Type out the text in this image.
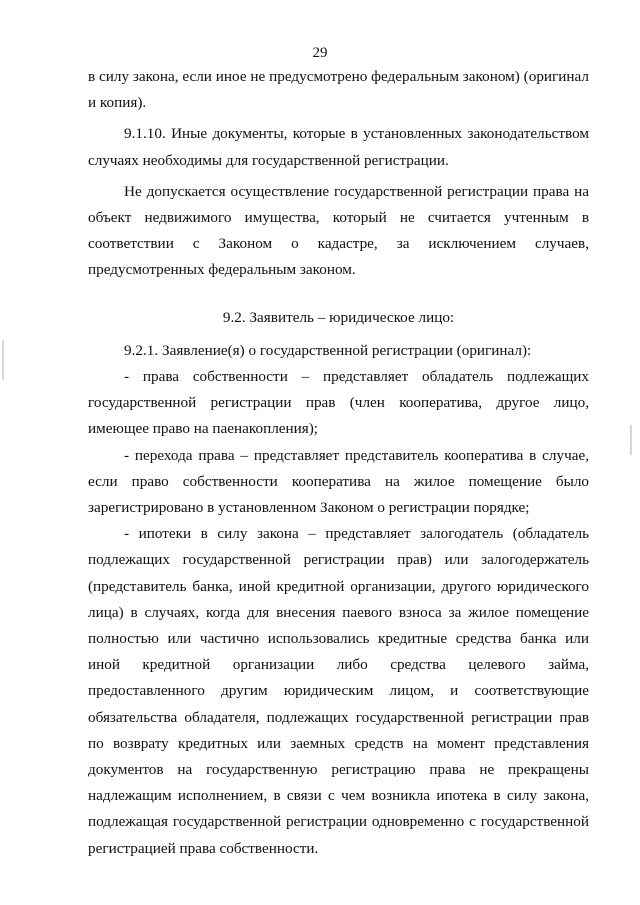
29

в силу закона, если иное не предусмотрено федеральным законом) (оригинал и копия).

9.1.10. Иные документы, которые в установленных законодательством случаях необходимы для государственной регистрации.

Не допускается осуществление государственной регистрации права на объект недвижимого имущества, который не считается учтенным в соответствии с Законом о кадастре, за исключением случаев, предусмотренных федеральным законом.

9.2. Заявитель – юридическое лицо:

9.2.1. Заявление(я) о государственной регистрации (оригинал):

- права собственности – представляет обладатель подлежащих государственной регистрации прав (член кооператива, другое лицо, имеющее право на паенакопления);

- перехода права – представляет представитель кооператива в случае, если право собственности кооператива на жилое помещение было зарегистрировано в установленном Законом о регистрации порядке;

- ипотеки в силу закона – представляет залогодатель (обладатель подлежащих государственной регистрации прав) или залогодержатель (представитель банка, иной кредитной организации, другого юридического лица) в случаях, когда для внесения паевого взноса за жилое помещение полностью или частично использовались кредитные средства банка или иной кредитной организации либо средства целевого займа, предоставленного другим юридическим лицом, и соответствующие обязательства обладателя, подлежащих государственной регистрации прав по возврату кредитных или заемных средств на момент представления документов на государственную регистрацию права не прекращены надлежащим исполнением, в связи с чем возникла ипотека в силу закона, подлежащая государственной регистрации одновременно с государственной регистрацией права собственности.
